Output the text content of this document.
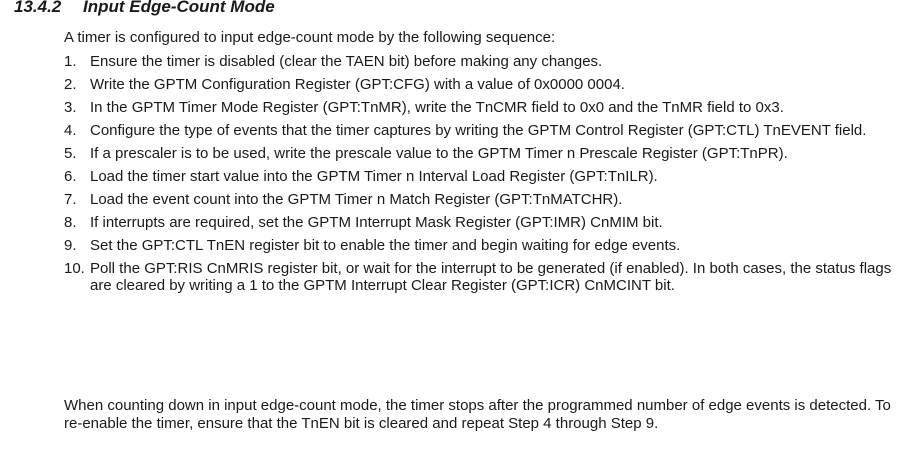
13.4.2 Input Edge-Count Mode
A timer is configured to input edge-count mode by the following sequence:
1. Ensure the timer is disabled (clear the TAEN bit) before making any changes.
2. Write the GPTM Configuration Register (GPT:CFG) with a value of 0x0000 0004.
3. In the GPTM Timer Mode Register (GPT:TnMR), write the TnCMR field to 0x0 and the TnMR field to 0x3.
4. Configure the type of events that the timer captures by writing the GPTM Control Register (GPT:CTL) TnEVENT field.
5. If a prescaler is to be used, write the prescale value to the GPTM Timer n Prescale Register (GPT:TnPR).
6. Load the timer start value into the GPTM Timer n Interval Load Register (GPT:TnILR).
7. Load the event count into the GPTM Timer n Match Register (GPT:TnMATCHR).
8. If interrupts are required, set the GPTM Interrupt Mask Register (GPT:IMR) CnMIM bit.
9. Set the GPT:CTL TnEN register bit to enable the timer and begin waiting for edge events.
10. Poll the GPT:RIS CnMRIS register bit, or wait for the interrupt to be generated (if enabled). In both cases, the status flags are cleared by writing a 1 to the GPTM Interrupt Clear Register (GPT:ICR) CnMCINT bit.
When counting down in input edge-count mode, the timer stops after the programmed number of edge events is detected. To re-enable the timer, ensure that the TnEN bit is cleared and repeat Step 4 through Step 9.
